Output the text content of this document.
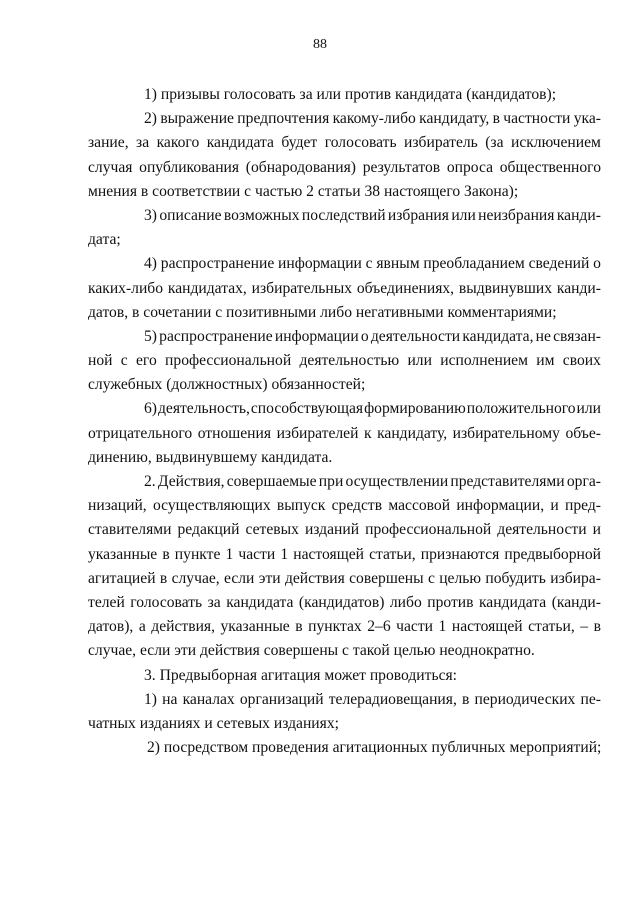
88
1) призывы голосовать за или против кандидата (кандидатов);
2) выражение предпочтения какому-либо кандидату, в частности ука-
зание, за какого кандидата будет голосовать избиратель (за исключением
случая опубликования (обнародования) результатов опроса общественного
мнения в соответствии с частью 2 статьи 38 настоящего Закона);
3) описание возможных последствий избрания или неизбрания канди-
дата;
4) распространение информации с явным преобладанием сведений о
каких-либо кандидатах, избирательных объединениях, выдвинувших канди-
датов, в сочетании с позитивными либо негативными комментариями;
5) распространение информации о деятельности кандидата, не связан-
ной с его профессиональной деятельностью или исполнением им своих
служебных (должностных) обязанностей;
6) деятельность, способствующая формированию положительного или
отрицательного отношения избирателей к кандидату, избирательному объе-
динению, выдвинувшему кандидата.
2. Действия, совершаемые при осуществлении представителями орга-
низаций, осуществляющих выпуск средств массовой информации, и пред-
ставителями редакций сетевых изданий профессиональной деятельности и
указанные в пункте 1 части 1 настоящей статьи, признаются предвыборной
агитацией в случае, если эти действия совершены с целью побудить избира-
телей голосовать за кандидата (кандидатов) либо против кандидата (канди-
датов), а действия, указанные в пунктах 2–6 части 1 настоящей статьи, – в
случае, если эти действия совершены с такой целью неоднократно.
3. Предвыборная агитация может проводиться:
1) на каналах организаций телерадиовещания, в периодических пе-
чатных изданиях и сетевых изданиях;
2) посредством проведения агитационных публичных мероприятий;
